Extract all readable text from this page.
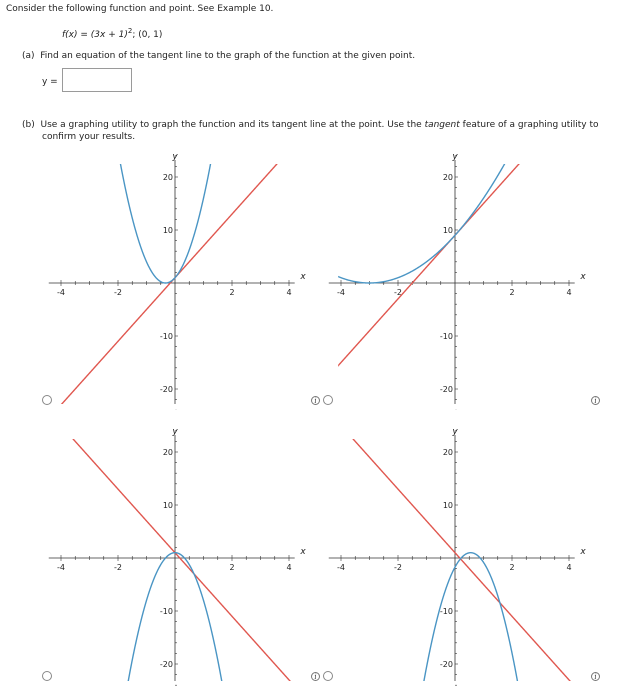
Consider the following function and point. See Example 10.
$f(x) = (3x + 1)^2$; (0, 1)
(a) Find an equation of the tangent line to the graph of the function at the given point.
y =
(b) Use a graphing utility to graph the function and its tangent line at the point. Use the tangent feature of a graphing utility to
confirm your results.
-4	-2	2	4
20
10
-10
-20
x
y
-4	-2	2	4
20
10
-10
-20
x
y
-4	-2	2	4
20
10
-10
-20
x
y
-4	-2	2	4
20
10
-10
-20
x
y
i	i
i	i
